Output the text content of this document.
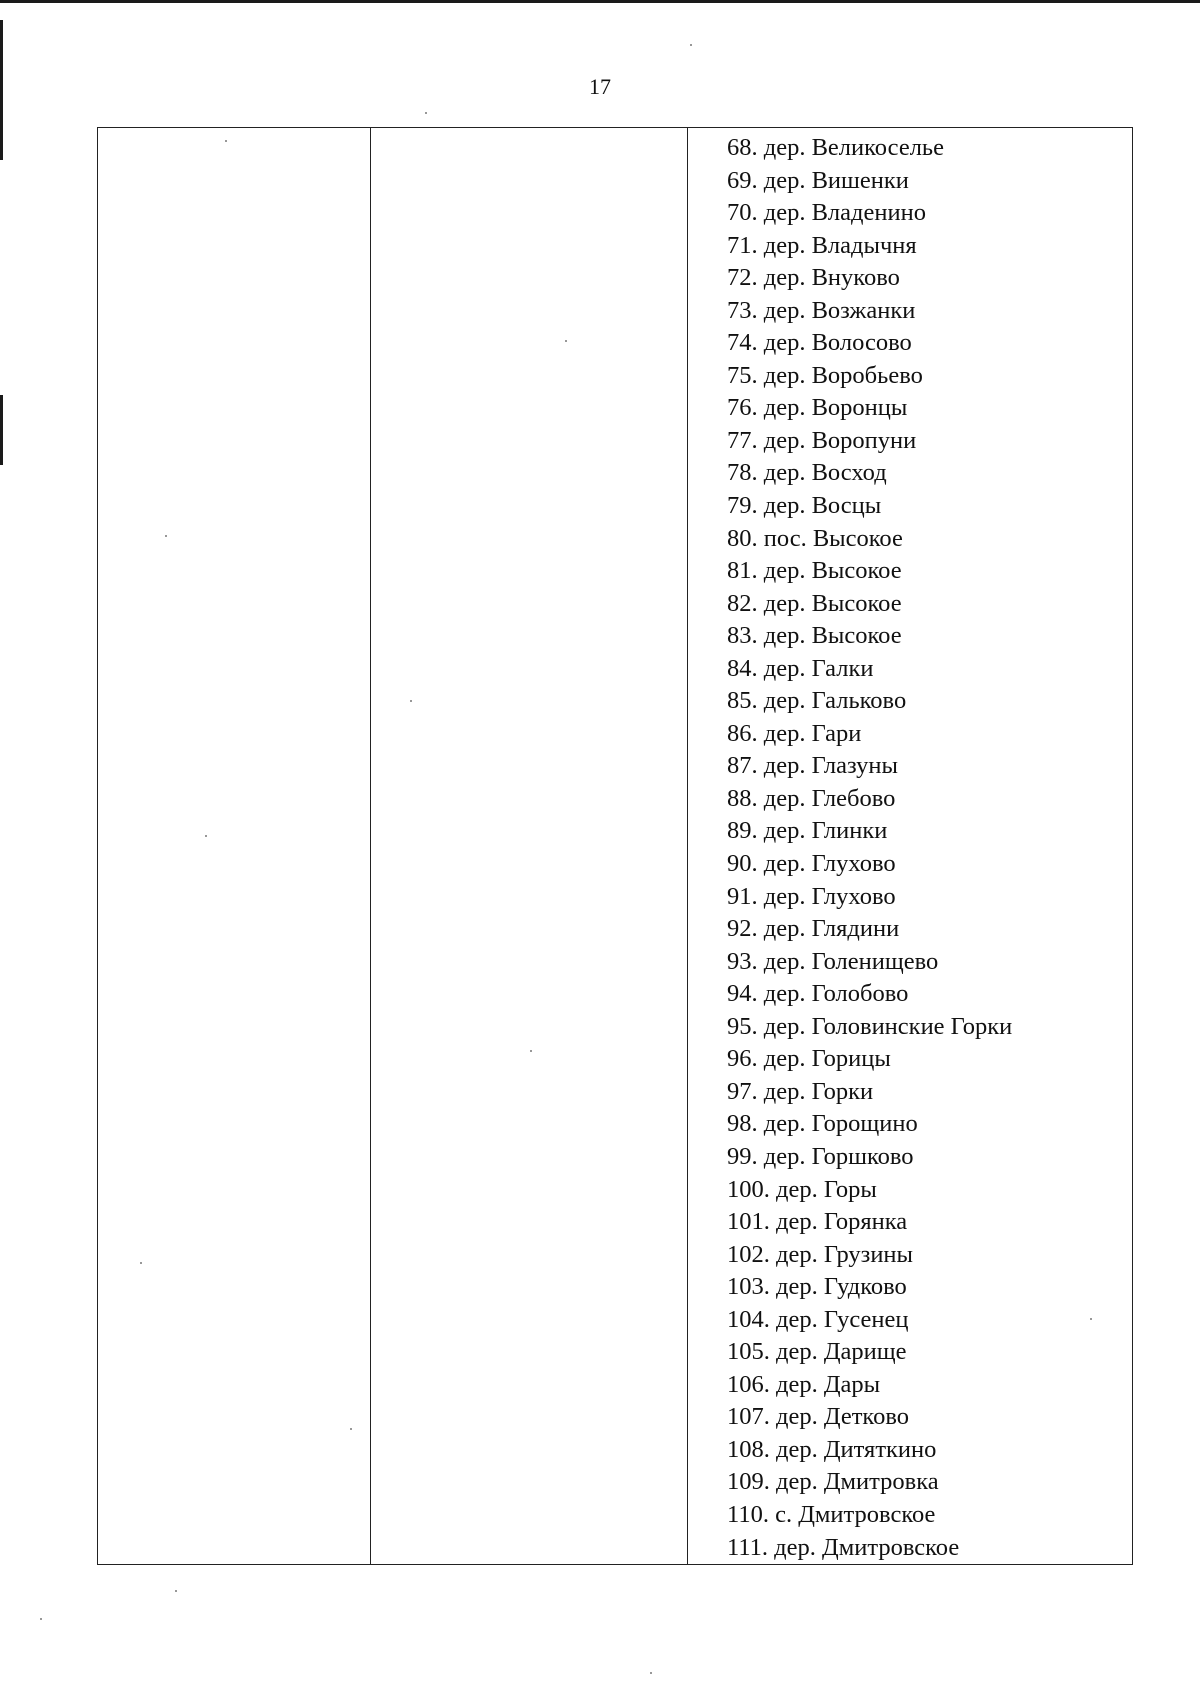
17

68. дер. Великоселье
69. дер. Вишенки
70. дер. Владенино
71. дер. Владычня
72. дер. Внуково
73. дер. Возжанки
74. дер. Волосово
75. дер. Воробьево
76. дер. Воронцы
77. дер. Воропуни
78. дер. Восход
79. дер. Восцы
80. пос. Высокое
81. дер. Высокое
82. дер. Высокое
83. дер. Высокое
84. дер. Галки
85. дер. Гальково
86. дер. Гари
87. дер. Глазуны
88. дер. Глебово
89. дер. Глинки
90. дер. Глухово
91. дер. Глухово
92. дер. Глядини
93. дер. Голенищево
94. дер. Голобово
95. дер. Головинские Горки
96. дер. Горицы
97. дер. Горки
98. дер. Горощино
99. дер. Горшково
100. дер. Горы
101. дер. Горянка
102. дер. Грузины
103. дер. Гудково
104. дер. Гусенец
105. дер. Дарище
106. дер. Дары
107. дер. Детково
108. дер. Дитяткино
109. дер. Дмитровка
110. с. Дмитровское
111. дер. Дмитровское
